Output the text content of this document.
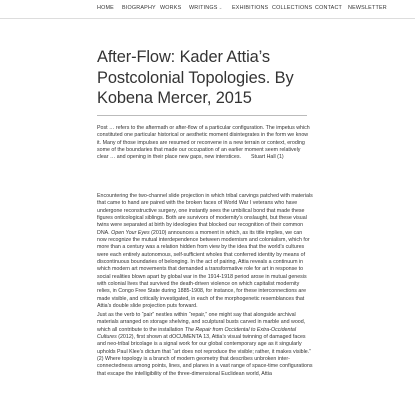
HOME BIOGRAPHY WORKS WRITINGS⌄ EXHIBITIONS COLLECTIONS CONTACT NEWSLETTER
After-Flow: Kader Attia’s Postcolonial Topologies. By Kobena Mercer, 2015

Post … refers to the aftermath or after-flow of a particular configuration. The impetus which constituted one particular historical or aesthetic moment disintegrates in the form we know it. Many of those impulses are resumed or reconvene in a new terrain or context, eroding some of the boundaries that made our occupation of an earlier moment seem relatively clear … and opening in their place new gaps, new interstices. Stuart Hall (1)

Encountering the two-channel slide projection in which tribal carvings patched with materials that came to hand are paired with the broken faces of World War I veterans who have undergone reconstructive surgery, one instantly sees the umbilical bond that made these figures onticological siblings. Both are survivors of modernity’s onslaught, but these visual twins were separated at birth by ideologies that blocked our recognition of their common DNA. Open Your Eyes (2010) announces a moment in which, as its title implies, we can now recognize the mutual interdependence between modernism and colonialism, which for more than a century was a relation hidden from view by the idea that the world’s cultures were each entirely autonomous, self-sufficient wholes that conferred identity by means of discontinuous boundaries of belonging. In the act of pairing, Attia reveals a continuum in which modern art movements that demanded a transformative role for art in response to social realities blown apart by global war in the 1914-1918 period arose in mutual genesis with colonial lives that survived the death-driven violence on which capitalist modernity relies, in Congo Free State during 1885-1908, for instance, for these interconnections are made visible, and critically investigated, in each of the morphogenetic resemblances that Attia’s double slide projection puts forward.

Just as the verb to “pair” nestles within “repair,” one might say that alongside archival materials arranged on storage shelving, and sculptural busts carved in marble and wood, which all contribute to the installation The Repair from Occidental to Extra-Occidental Cultures (2012), first shown at dOCUMENTA 13, Attia’s visual twinning of damaged faces and neo-tribal bricolage is a signal work for our global contemporary age as it singularly upholds Paul Klee’s dictum that “art does not reproduce the visible; rather, it makes visible.” (2) Where topology is a branch of modern geometry that describes unbroken inter-connectedness among points, lines, and planes in a vast range of space-time configurations that escape the intelligibility of the three-dimensional Euclidean world, Attia
